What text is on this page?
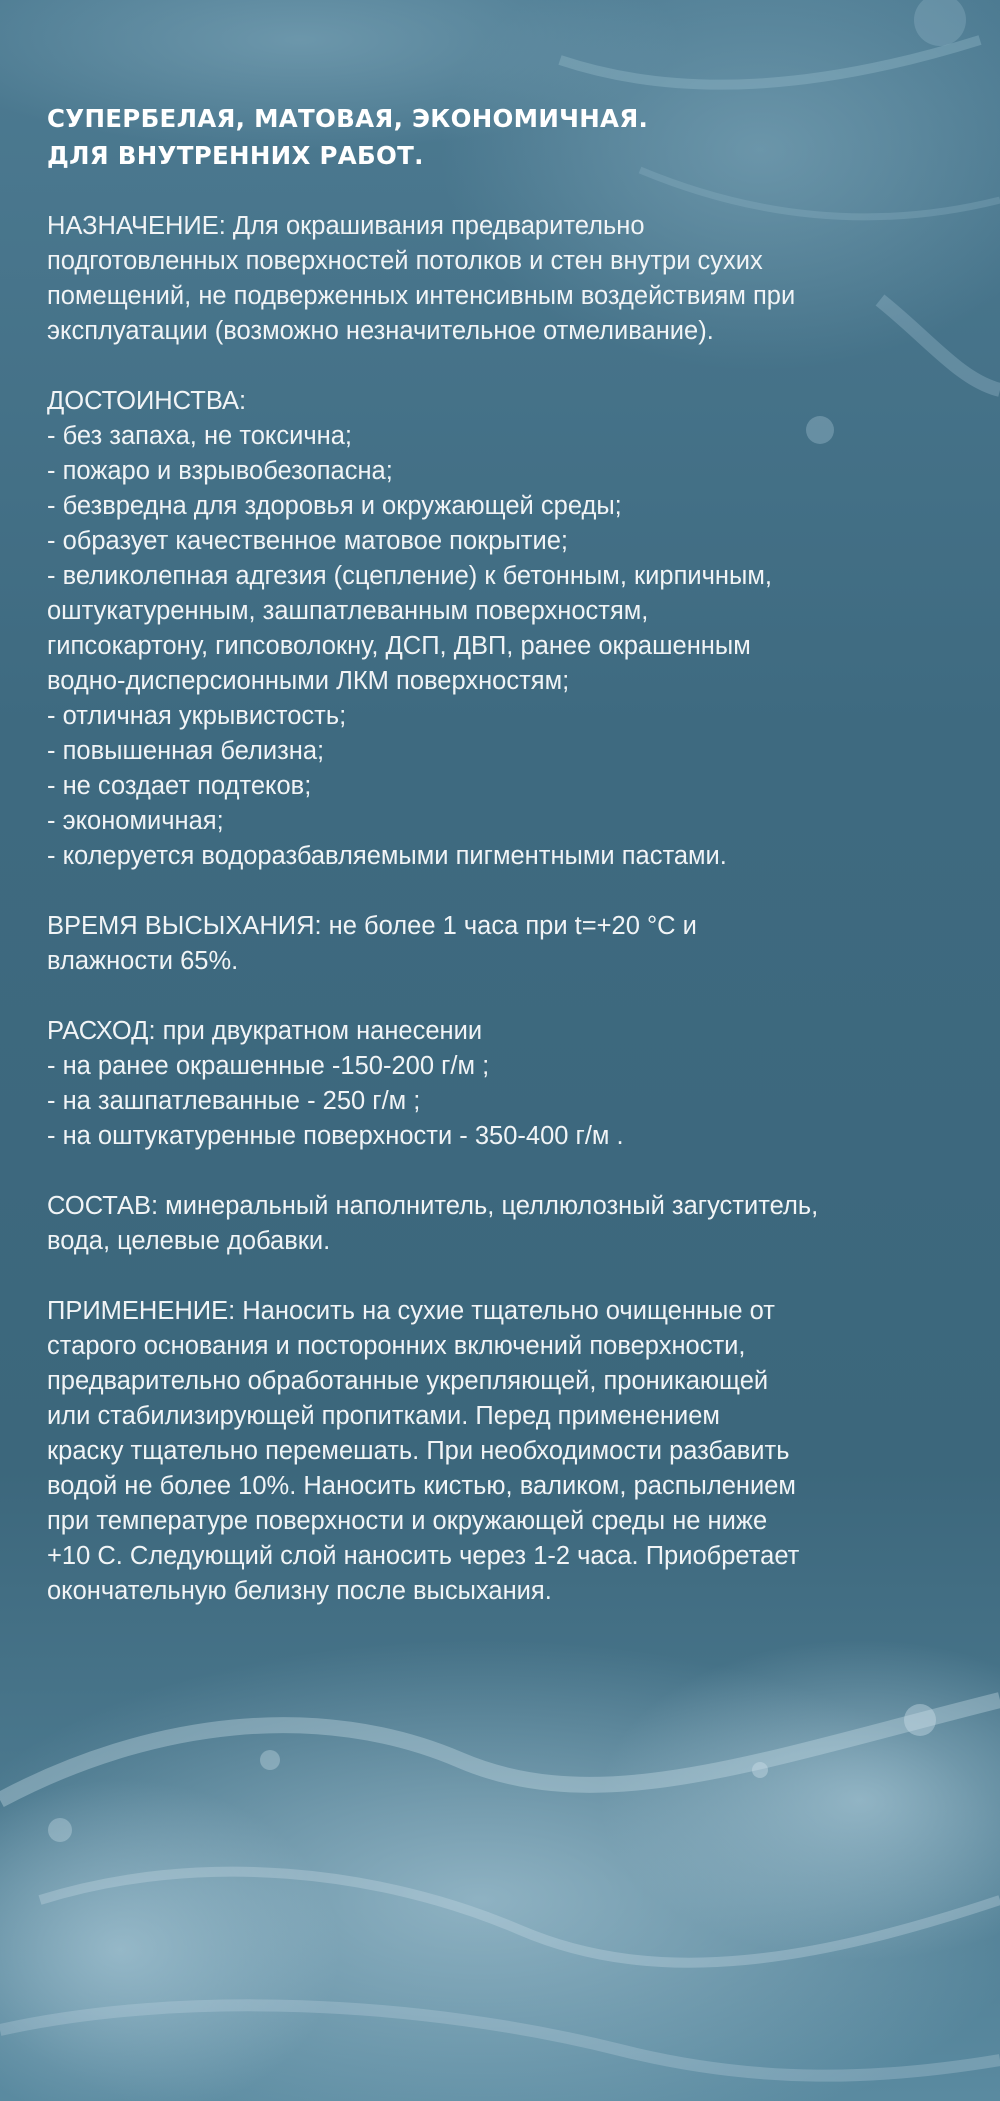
СУПЕРБЕЛАЯ, МАТОВАЯ, ЭКОНОМИЧНАЯ.
ДЛЯ ВНУТРЕННИХ РАБОТ.
НАЗНАЧЕНИЕ: Для окрашивания предварительно
подготовленных поверхностей потолков и стен внутри сухих
помещений, не подверженных интенсивным воздействиям при
эксплуатации (возможно незначительное отмеливание).
ДОСТОИНСТВА:
- без запаха, не токсична;
- пожаро и взрывобезопасна;
- безвредна для здоровья и окружающей среды;
- образует качественное матовое покрытие;
- великолепная адгезия (сцепление) к бетонным, кирпичным,
оштукатуренным, зашпатлеванным поверхностям,
гипсокартону, гипсоволокну, ДСП, ДВП, ранее окрашенным
водно-дисперсионными ЛКМ поверхностям;
- отличная укрывистость;
- повышенная белизна;
- не создает подтеков;
- экономичная;
- колеруется водоразбавляемыми пигментными пастами.
ВРЕМЯ ВЫСЫХАНИЯ: не более 1 часа при t=+20 °С и
влажности 65%.
РАСХОД: при двукратном нанесении
- на ранее окрашенные -150-200 г/м ;
- на зашпатлеванные - 250 г/м ;
- на оштукатуренные поверхности - 350-400 г/м .
СОСТАВ: минеральный наполнитель, целлюлозный загуститель,
вода, целевые добавки.
ПРИМЕНЕНИЕ: Наносить на сухие тщательно очищенные от
старого основания и посторонних включений поверхности,
предварительно обработанные укрепляющей, проникающей
или стабилизирующей пропитками. Перед применением
краску тщательно перемешать. При необходимости разбавить
водой не более 10%. Наносить кистью, валиком, распылением
при температуре поверхности и окружающей среды не ниже
+10 С. Следующий слой наносить через 1-2 часа. Приобретает
окончательную белизну после высыхания.
